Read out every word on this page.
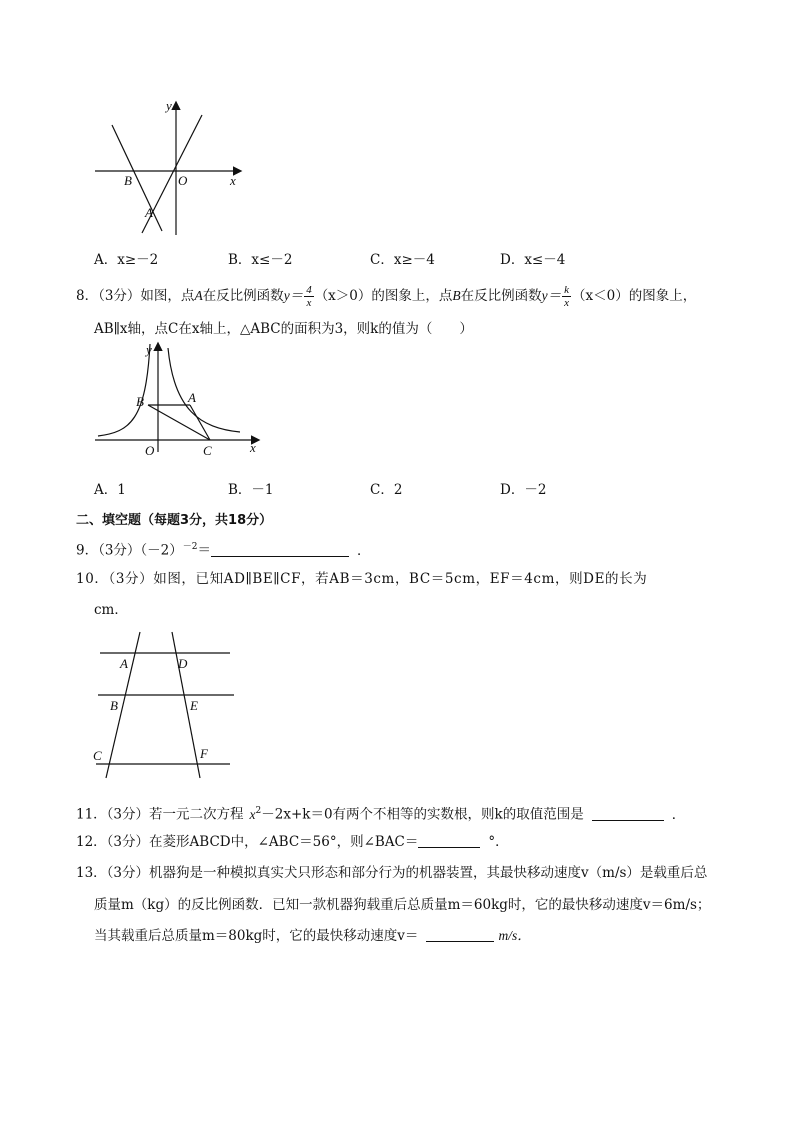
y
x
B	O
A
A．x≥－2	B．x≤－2	C．x≥－4	D．x≤－4
8．（3分）如图，点A在反比例函数$y= \frac{4}{x} (x>0)$的图象上，点B在反比例函数$y= \frac{k}{x} (x<0)$的图象上，
AB∥x轴，点C在x轴上，△ABC的面积为3，则k的值为（　　）
y
x
B	A
O	C
A．1	B．－1	C．2	D．－2
二、填空题（每题3分，共18分）
9．（3分）$(-2)^{-2}=$	．
10．（3分）如图，已知AD∥BE∥CF，若AB＝3cm，BC＝5cm，EF＝4cm，则DE的长为
cm．
A	D
B	E
C	F
11．（3分）若一元二次方程 $x^2-2x+k=0$有两个不相等的实数根，则k的取值范围是	．
12．（3分）在菱形ABCD中，∠ABC＝56°，则∠BAC＝	°．
13．（3分）机器狗是一种模拟真实犬只形态和部分行为的机器装置，其最快移动速度v（m/s）是载重后总
质量m（kg）的反比例函数．已知一款机器狗载重后总质量m＝60kg时，它的最快移动速度v＝6m/s；
当其载重后总质量m＝80kg时，它的最快移动速度v＝	m/s．
